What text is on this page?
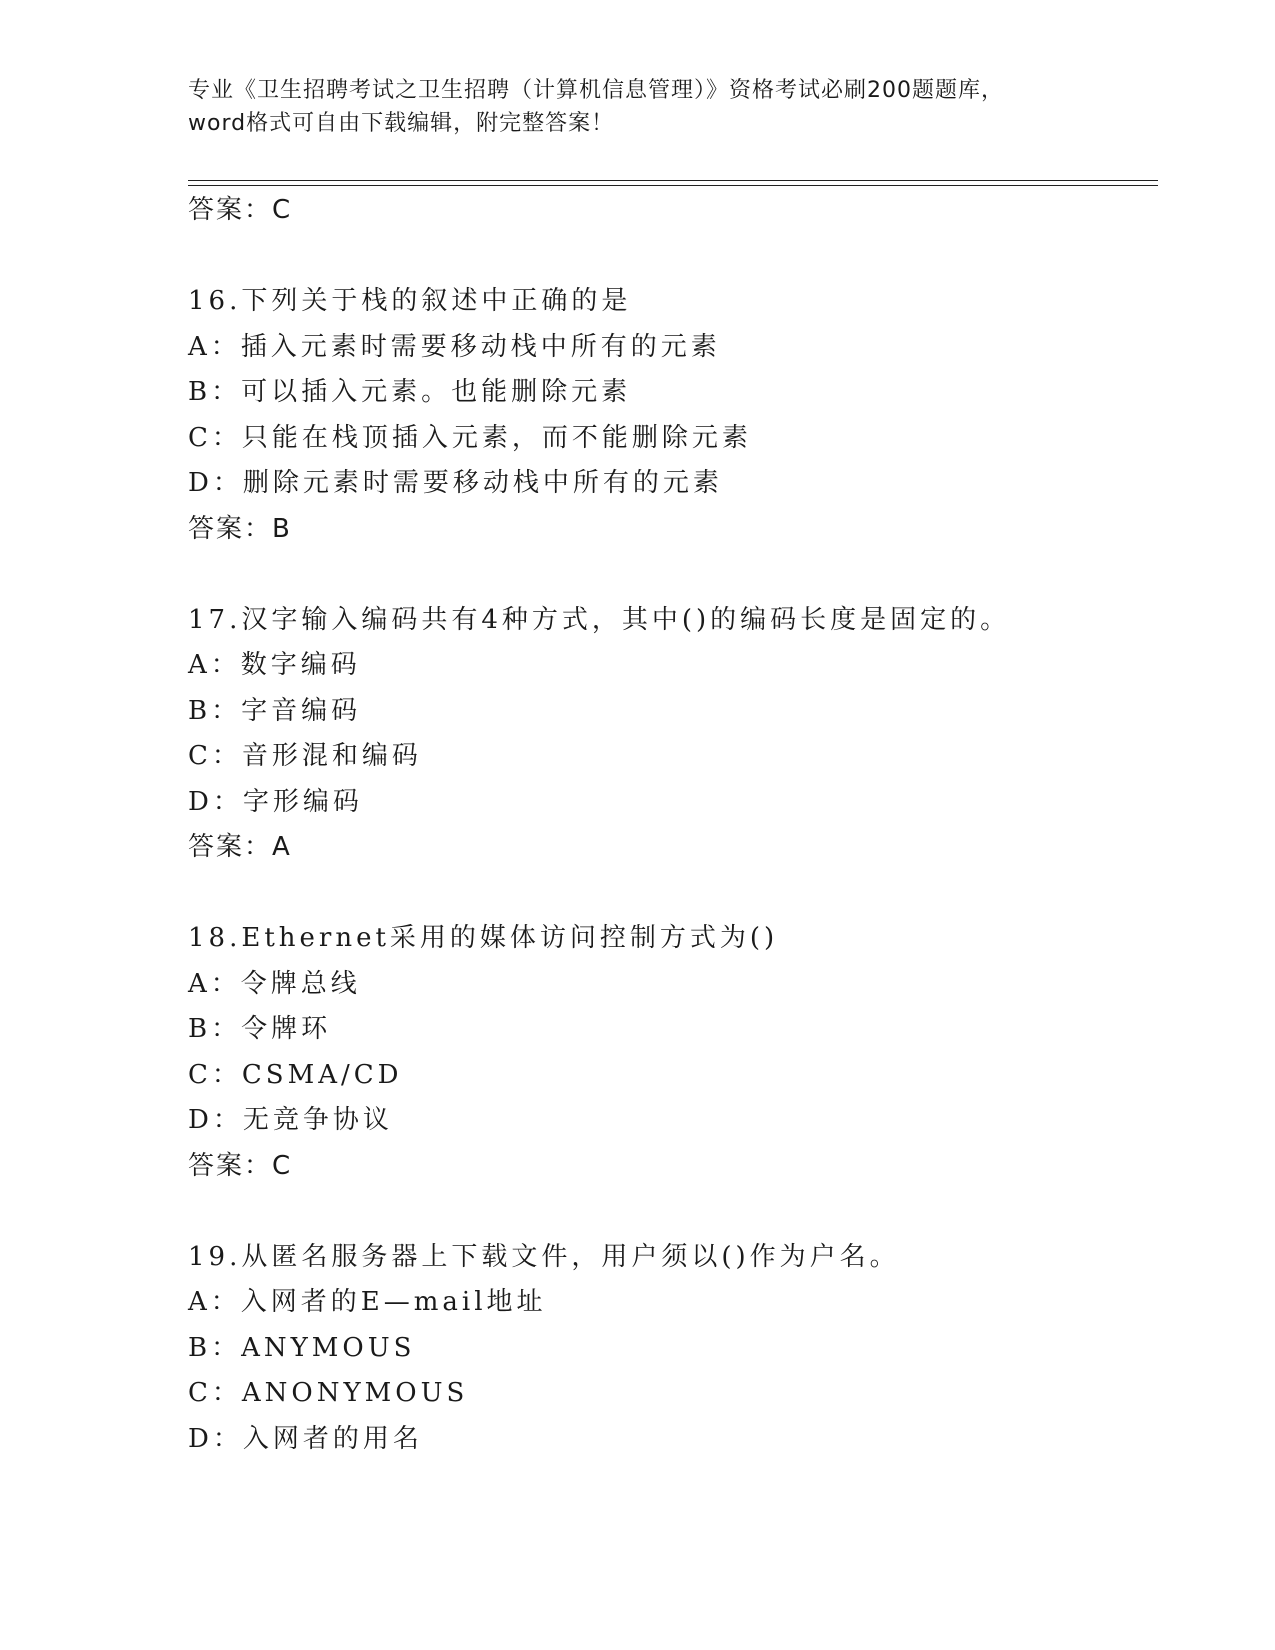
专业《卫生招聘考试之卫生招聘（计算机信息管理）》资格考试必刷200题题库，
word格式可自由下载编辑，附完整答案！
答案：C
16.下列关于栈的叙述中正确的是
A：插入元素时需要移动栈中所有的元素
B：可以插入元素。也能删除元素
C：只能在栈顶插入元素，而不能删除元素
D：删除元素时需要移动栈中所有的元素
答案：B
17.汉字输入编码共有4种方式，其中()的编码长度是固定的。
A：数字编码
B：字音编码
C：音形混和编码
D：字形编码
答案：A
18.Ethernet采用的媒体访问控制方式为()
A：令牌总线
B：令牌环
C：CSMA/CD
D：无竞争协议
答案：C
19.从匿名服务器上下载文件，用户须以()作为户名。
A：入网者的E—mail地址
B：ANYMOUS
C：ANONYMOUS
D：入网者的用名
